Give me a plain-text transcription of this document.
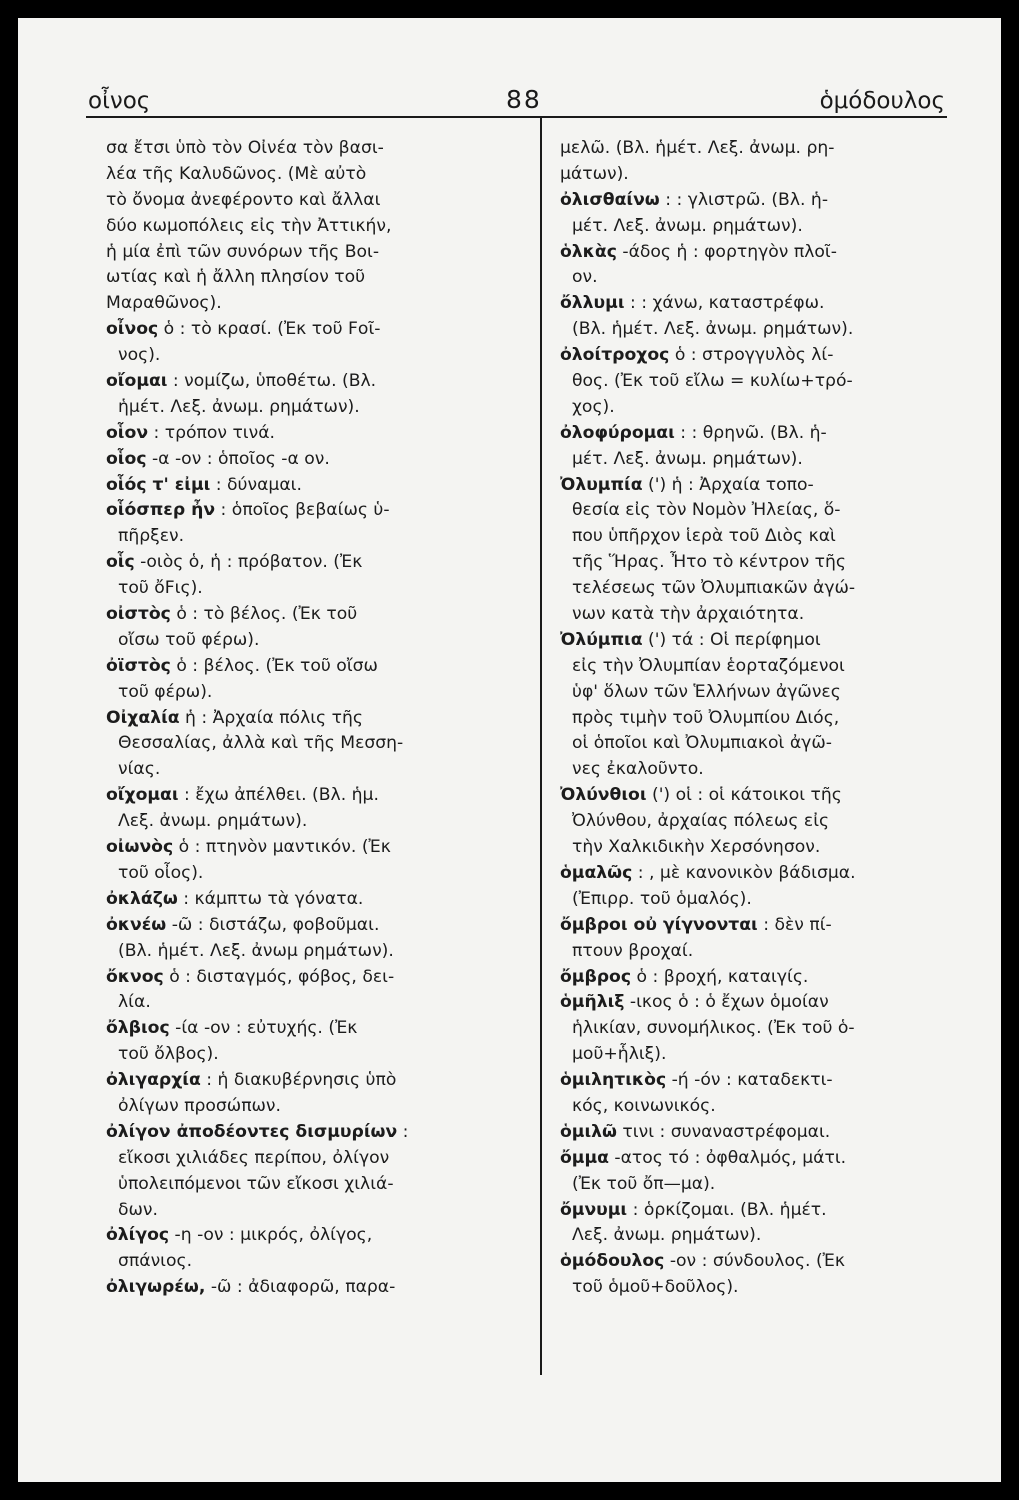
οἶνος	88	ὁμόδουλος
σα ἔτσι ὑπὸ τὸν Οἰνέα τὸν βασι-
λέα τῆς Καλυδῶνος. (Μὲ αὐτὸ
τὸ ὄνομα ἀνεφέροντο καὶ ἄλλαι
δύο κωμοπόλεις εἰς τὴν Ἀττικήν,
ἡ μία ἐπὶ τῶν συνόρων τῆς Βοι-
ωτίας καὶ ἡ ἄλλη πλησίον τοῦ
Μαραθῶνος).
οἶνος ὁ : τὸ κρασί. (Ἐκ τοῦ Ϝοῖ-
νος).
οἴομαι : νομίζω, ὑποθέτω. (Βλ.
ἡμέτ. Λεξ. ἀνωμ. ρημάτων).
οἷον : τρόπον τινά.
οἷος -α -ον : ὁποῖος -α ον.
οἷός τ' εἰμι : δύναμαι.
οἷόσπερ ἦν : ὁποῖος βεβαίως ὑ-
πῆρξεν.
οἷς -οιὸς ὁ, ἡ : πρόβατον. (Ἐκ
τοῦ ὄϜις).
οἰστὸς ὁ : τὸ βέλος. (Ἐκ τοῦ
οἴσω τοῦ φέρω).
ὀϊστὸς ὁ : βέλος. (Ἐκ τοῦ οἴσω
τοῦ φέρω).
Οἰχαλία ἡ : Ἀρχαία πόλις τῆς
Θεσσαλίας, ἀλλὰ καὶ τῆς Μεσση-
νίας.
οἴχομαι : ἔχω ἀπέλθει. (Βλ. ἡμ.
Λεξ. ἀνωμ. ρημάτων).
οἰωνὸς ὁ : πτηνὸν μαντικόν. (Ἐκ
τοῦ οἶος).
ὀκλάζω : κάμπτω τὰ γόνατα.
ὀκνέω -ῶ : διστάζω, φοβοῦμαι.
(Βλ. ἡμέτ. Λεξ. ἀνωμ ρημάτων).
ὄκνος ὁ : δισταγμός, φόβος, δει-
λία.
ὄλβιος -ία -ον : εὐτυχής. (Ἐκ
τοῦ ὄλβος).
ὀλιγαρχία : ἡ διακυβέρνησις ὑπὸ
ὀλίγων προσώπων.
ὀλίγον ἀποδέοντες δισμυρίων :
εἴκοσι χιλιάδες περίπου, ὀλίγον
ὑπολειπόμενοι τῶν εἴκοσι χιλιά-
δων.
ὀλίγος -η -ον : μικρός, ὀλίγος,
σπάνιος.
ὀλιγωρέω, -ῶ : ἀδιαφορῶ, παρα-
μελῶ. (Βλ. ἡμέτ. Λεξ. ἀνωμ. ρη-
μάτων).
ὀλισθαίνω : : γλιστρῶ. (Βλ. ἡ-
μέτ. Λεξ. ἀνωμ. ρημάτων).
ὁλκὰς -άδος ἡ : φορτηγὸν πλοῖ-
ον.
ὄλλυμι : : χάνω, καταστρέφω.
(Βλ. ἡμέτ. Λεξ. ἀνωμ. ρημάτων).
ὀλοίτροχος ὁ : στρογγυλὸς λί-
θος. (Ἐκ τοῦ εἴλω = κυλίω+τρό-
χος).
ὀλοφύρομαι : : θρηνῶ. (Βλ. ἡ-
μέτ. Λεξ. ἀνωμ. ρημάτων).
Ὀλυμπία (') ἡ : Ἀρχαία τοπο-
θεσία εἰς τὸν Νομὸν Ἠλείας, ὅ-
που ὑπῆρχον ἱερὰ τοῦ Διὸς καὶ
τῆς Ἥρας. Ἦτο τὸ κέντρον τῆς
τελέσεως τῶν Ὀλυμπιακῶν ἀγώ-
νων κατὰ τὴν ἀρχαιότητα.
Ὀλύμπια (') τά : Οἱ περίφημοι
εἰς τὴν Ὀλυμπίαν ἑορταζόμενοι
ὑφ' ὅλων τῶν Ἑλλήνων ἀγῶνες
πρὸς τιμὴν τοῦ Ὀλυμπίου Διός,
οἱ ὁποῖοι καὶ Ὀλυμπιακοὶ ἀγῶ-
νες ἐκαλοῦντο.
Ὀλύνθιοι (') οἱ : οἱ κάτοικοι τῆς
Ὀλύνθου, ἀρχαίας πόλεως εἰς
τὴν Χαλκιδικὴν Χερσόνησον.
ὁμαλῶς : , μὲ κανονικὸν βάδισμα.
(Ἐπιρρ. τοῦ ὁμαλός).
ὄμβροι οὐ γίγνονται : δὲν πί-
πτουν βροχαί.
ὄμβρος ὁ : βροχή, καταιγίς.
ὁμῆλιξ -ικος ὁ : ὁ ἔχων ὁμοίαν
ἡλικίαν, συνομήλικος. (Ἐκ τοῦ ὁ-
μοῦ+ἧλιξ).
ὁμιλητικὸς -ή -όν : καταδεκτι-
κός, κοινωνικός.
ὁμιλῶ τινι : συναναστρέφομαι.
ὄμμα -ατος τό : ὀφθαλμός, μάτι.
(Ἐκ τοῦ ὄπ—μα).
ὄμνυμι : ὁρκίζομαι. (Βλ. ἡμέτ.
Λεξ. ἀνωμ. ρημάτων).
ὁμόδουλος -ον : σύνδουλος. (Ἐκ
τοῦ ὁμοῦ+δοῦλος).
